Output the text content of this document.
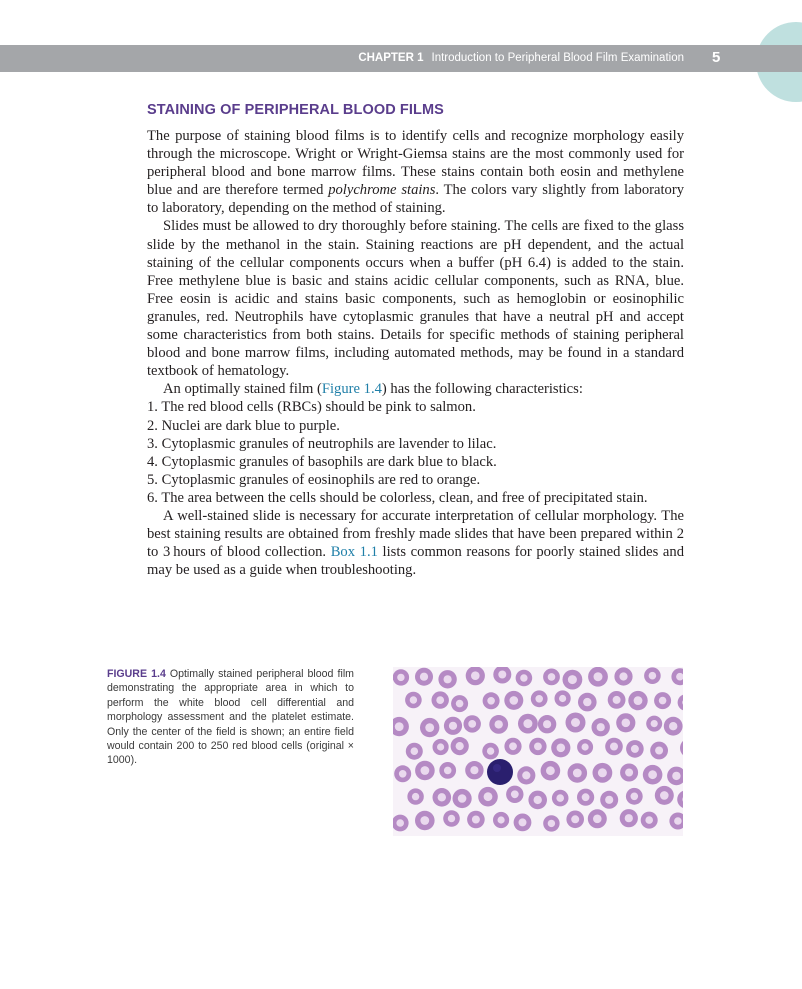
CHAPTER 1 Introduction to Peripheral Blood Film Examination 5
STAINING OF PERIPHERAL BLOOD FILMS

The purpose of staining blood films is to identify cells and recognize morphology easily through the microscope. Wright or Wright-Giemsa stains are the most commonly used for peripheral blood and bone marrow films. These stains contain both eosin and methylene blue and are therefore termed polychrome stains. The colors vary slightly from laboratory to laboratory, depending on the method of staining.

Slides must be allowed to dry thoroughly before staining. The cells are fixed to the glass slide by the methanol in the stain. Staining reactions are pH dependent, and the actual staining of the cellular components occurs when a buffer (pH 6.4) is added to the stain. Free methylene blue is basic and stains acidic cellular components, such as RNA, blue. Free eosin is acidic and stains basic components, such as hemoglobin or eosinophilic granules, red. Neutrophils have cytoplasmic granules that have a neutral pH and accept some characteristics from both stains. Details for specific methods of staining peripheral blood and bone marrow films, including automated methods, may be found in a standard textbook of hematology.

An optimally stained film (Figure 1.4) has the following characteristics:

1. The red blood cells (RBCs) should be pink to salmon.
2. Nuclei are dark blue to purple.
3. Cytoplasmic granules of neutrophils are lavender to lilac.
4. Cytoplasmic granules of basophils are dark blue to black.
5. Cytoplasmic granules of eosinophils are red to orange.
6. The area between the cells should be colorless, clean, and free of precipitated stain.

A well-stained slide is necessary for accurate interpretation of cellular morphology. The best staining results are obtained from freshly made slides that have been prepared within 2 to 3 hours of blood collection. Box 1.1 lists common reasons for poorly stained slides and may be used as a guide when troubleshooting.

FIGURE 1.4 Optimally stained peripheral blood film demonstrating the appropriate area in which to perform the white blood cell differential and morphology assessment and the platelet estimate. Only the center of the field is shown; an entire field would contain 200 to 250 red blood cells (original × 1000).
